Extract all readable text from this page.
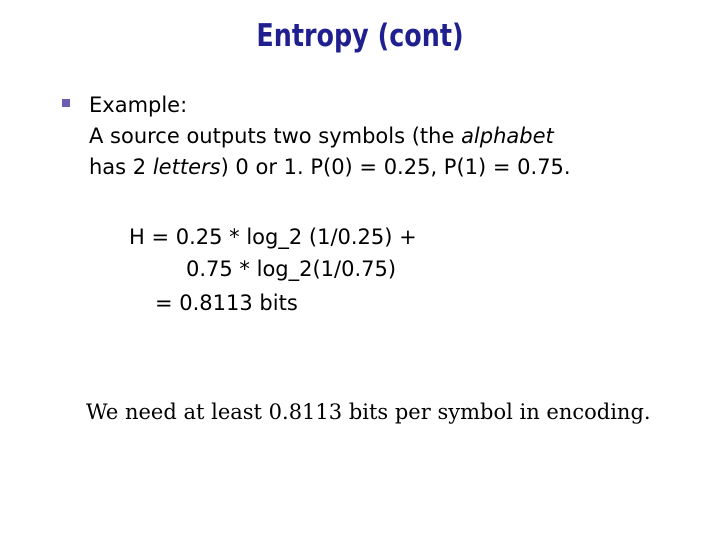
Entropy (cont)
Example:
A source outputs two symbols (the alphabet
has 2 letters) 0 or 1. P(0) = 0.25, P(1) = 0.75.
H = 0.25 * log_2 (1/0.25) +
0.75 * log_2(1/0.75)
= 0.8113 bits
We need at least 0.8113 bits per symbol in encoding.
